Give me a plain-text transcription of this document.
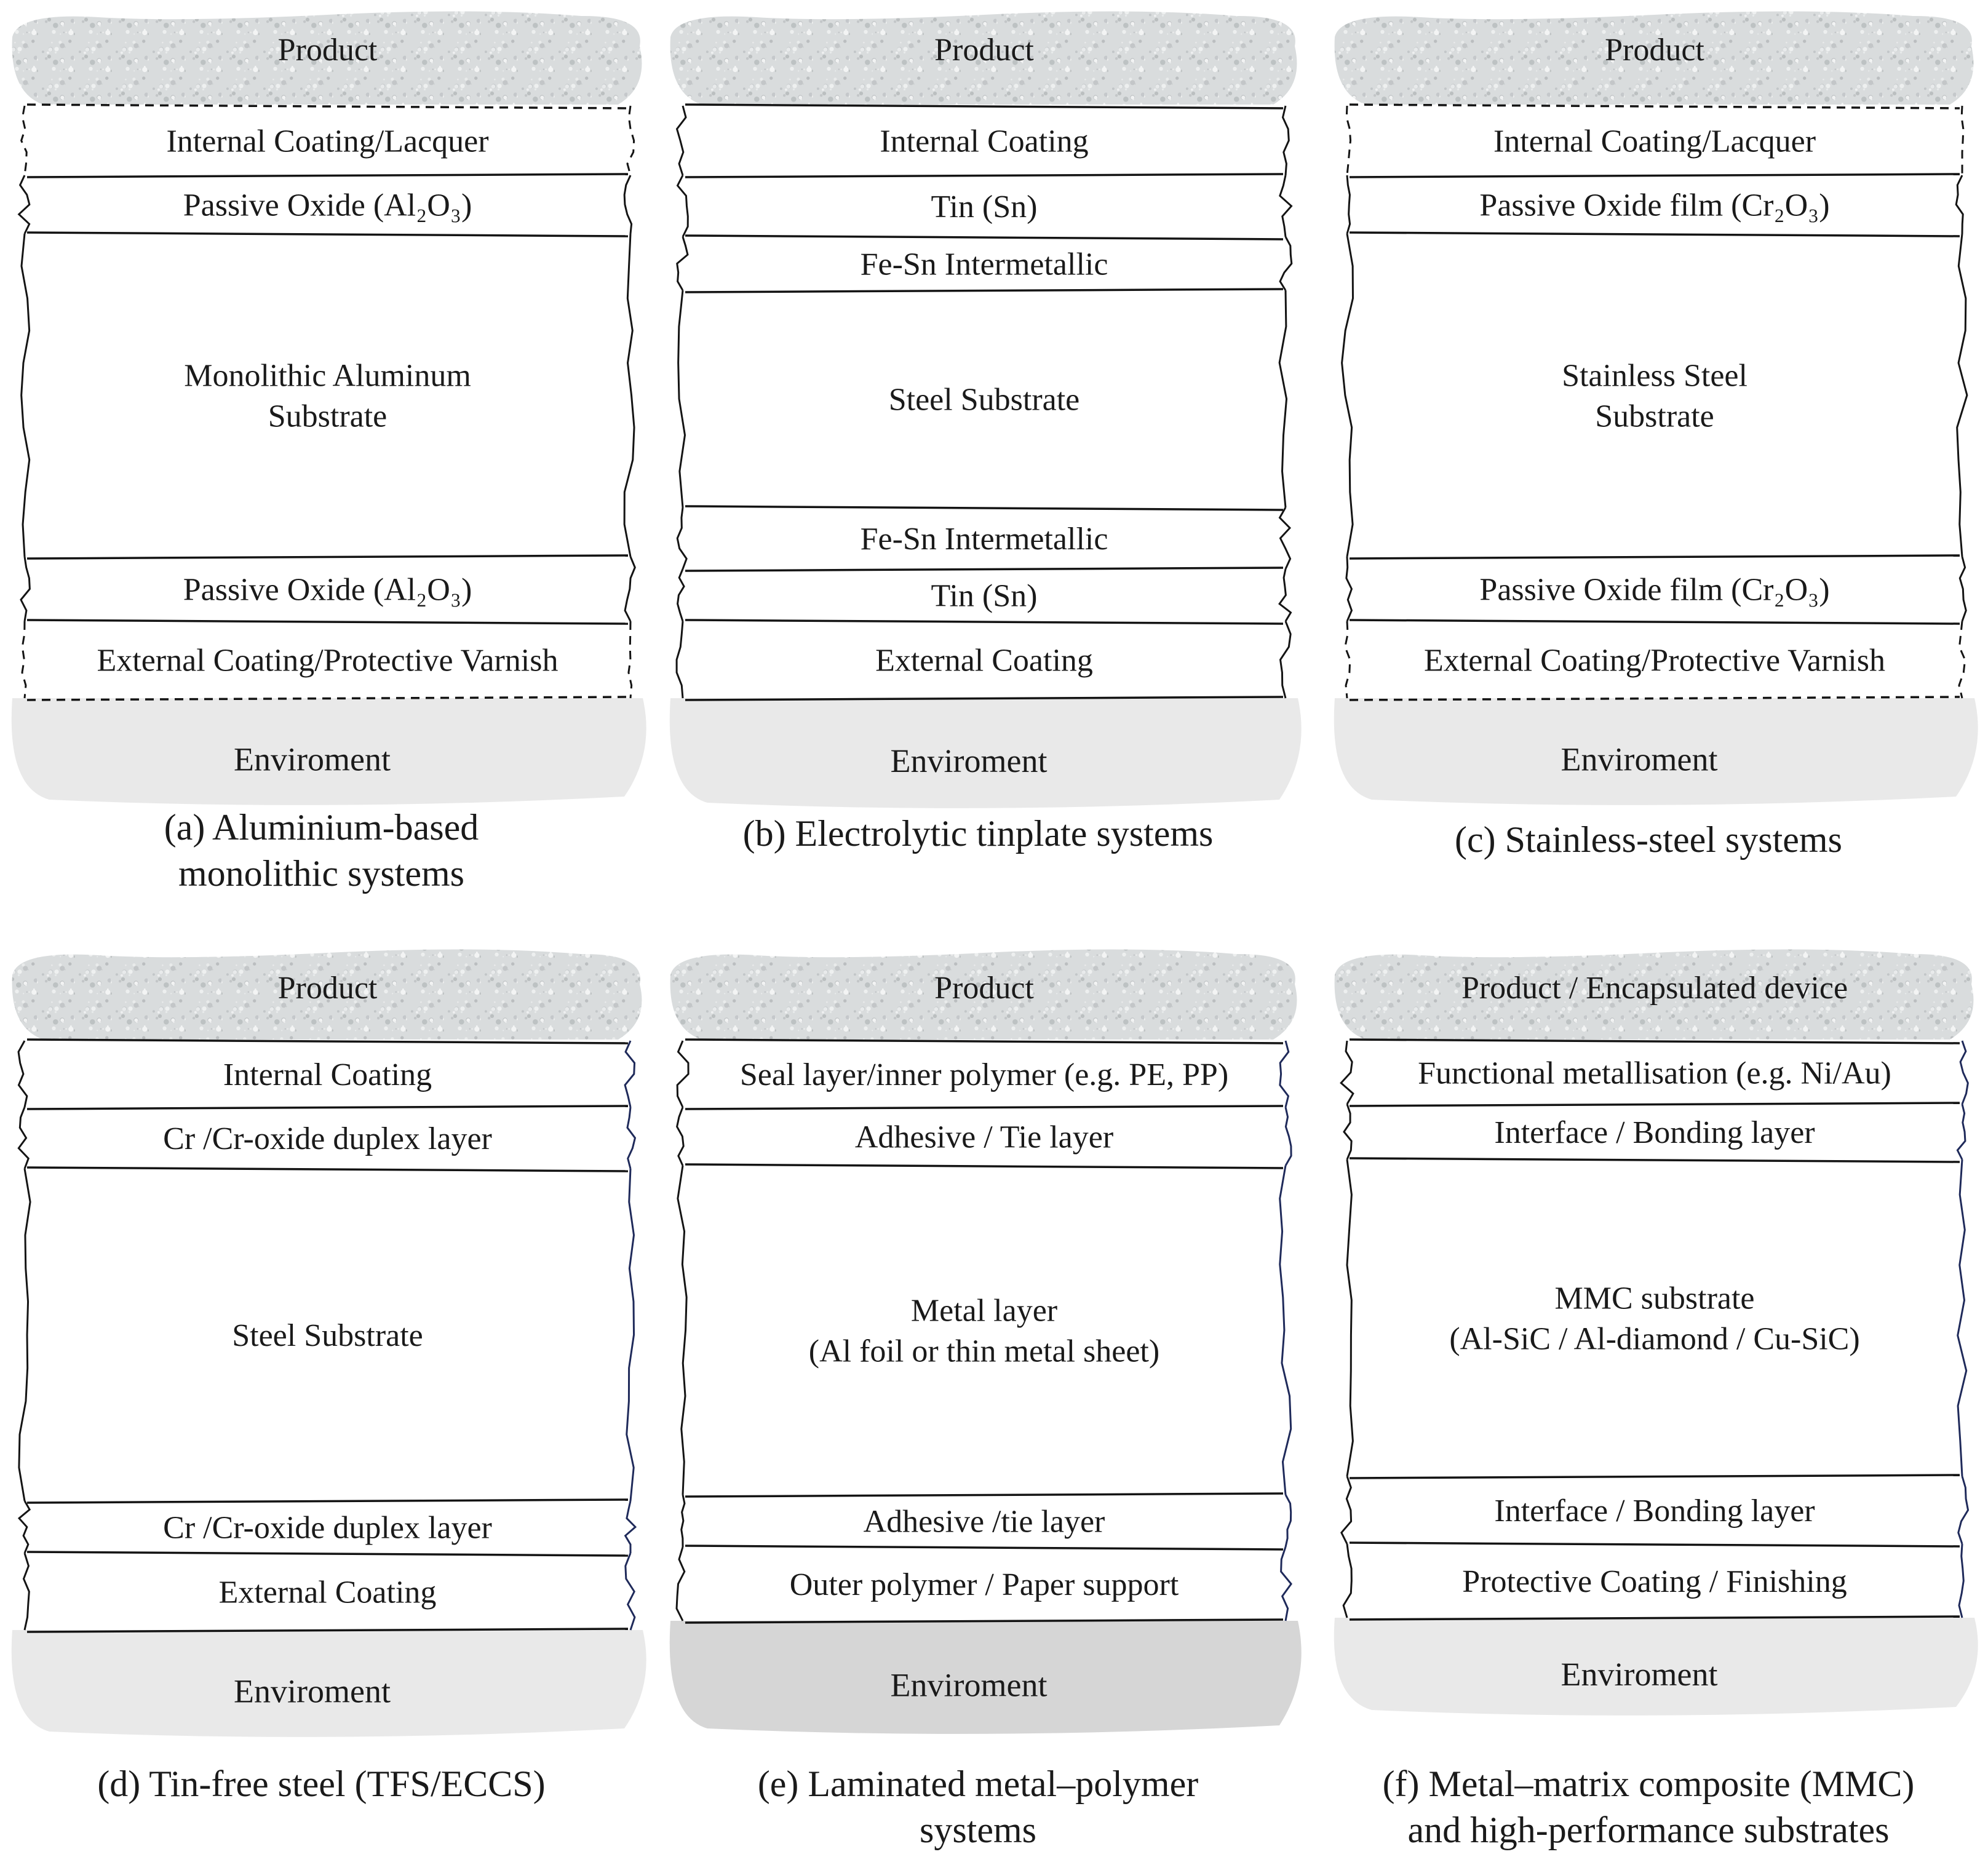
Product
Enviroment
Internal Coating/Lacquer
Passive Oxide (Al₂O₃)
Monolithic Aluminum
Substrate
Passive Oxide (Al₂O₃)
External Coating/Protective Varnish
(a) Aluminium-based
monolithic systems
Product
Enviroment
Internal Coating
Tin (Sn)
Fe-Sn Intermetallic
Steel Substrate
Fe-Sn Intermetallic
Tin (Sn)
External Coating
(b) Electrolytic tinplate systems
Product
Enviroment
Internal Coating/Lacquer
Passive Oxide film (Cr₂O₃)
Stainless Steel
Substrate
Passive Oxide film (Cr₂O₃)
External Coating/Protective Varnish
(c) Stainless-steel systems
Product
Enviroment
Internal Coating
Cr /Cr-oxide duplex layer
Steel Substrate
Cr /Cr-oxide duplex layer
External Coating
(d) Tin-free steel (TFS/ECCS)
Product
Enviroment
Seal layer/inner polymer (e.g. PE, PP)
Adhesive / Tie layer
Metal layer
(Al foil or thin metal sheet)
Adhesive /tie layer
Outer polymer / Paper support
(e) Laminated metal–polymer
systems
Product / Encapsulated device
Enviroment
Functional metallisation (e.g. Ni/Au)
Interface / Bonding layer
MMC substrate
(Al-SiC / Al-diamond / Cu-SiC)
Interface / Bonding layer
Protective Coating / Finishing
(f) Metal–matrix composite (MMC)
and high-performance substrates
